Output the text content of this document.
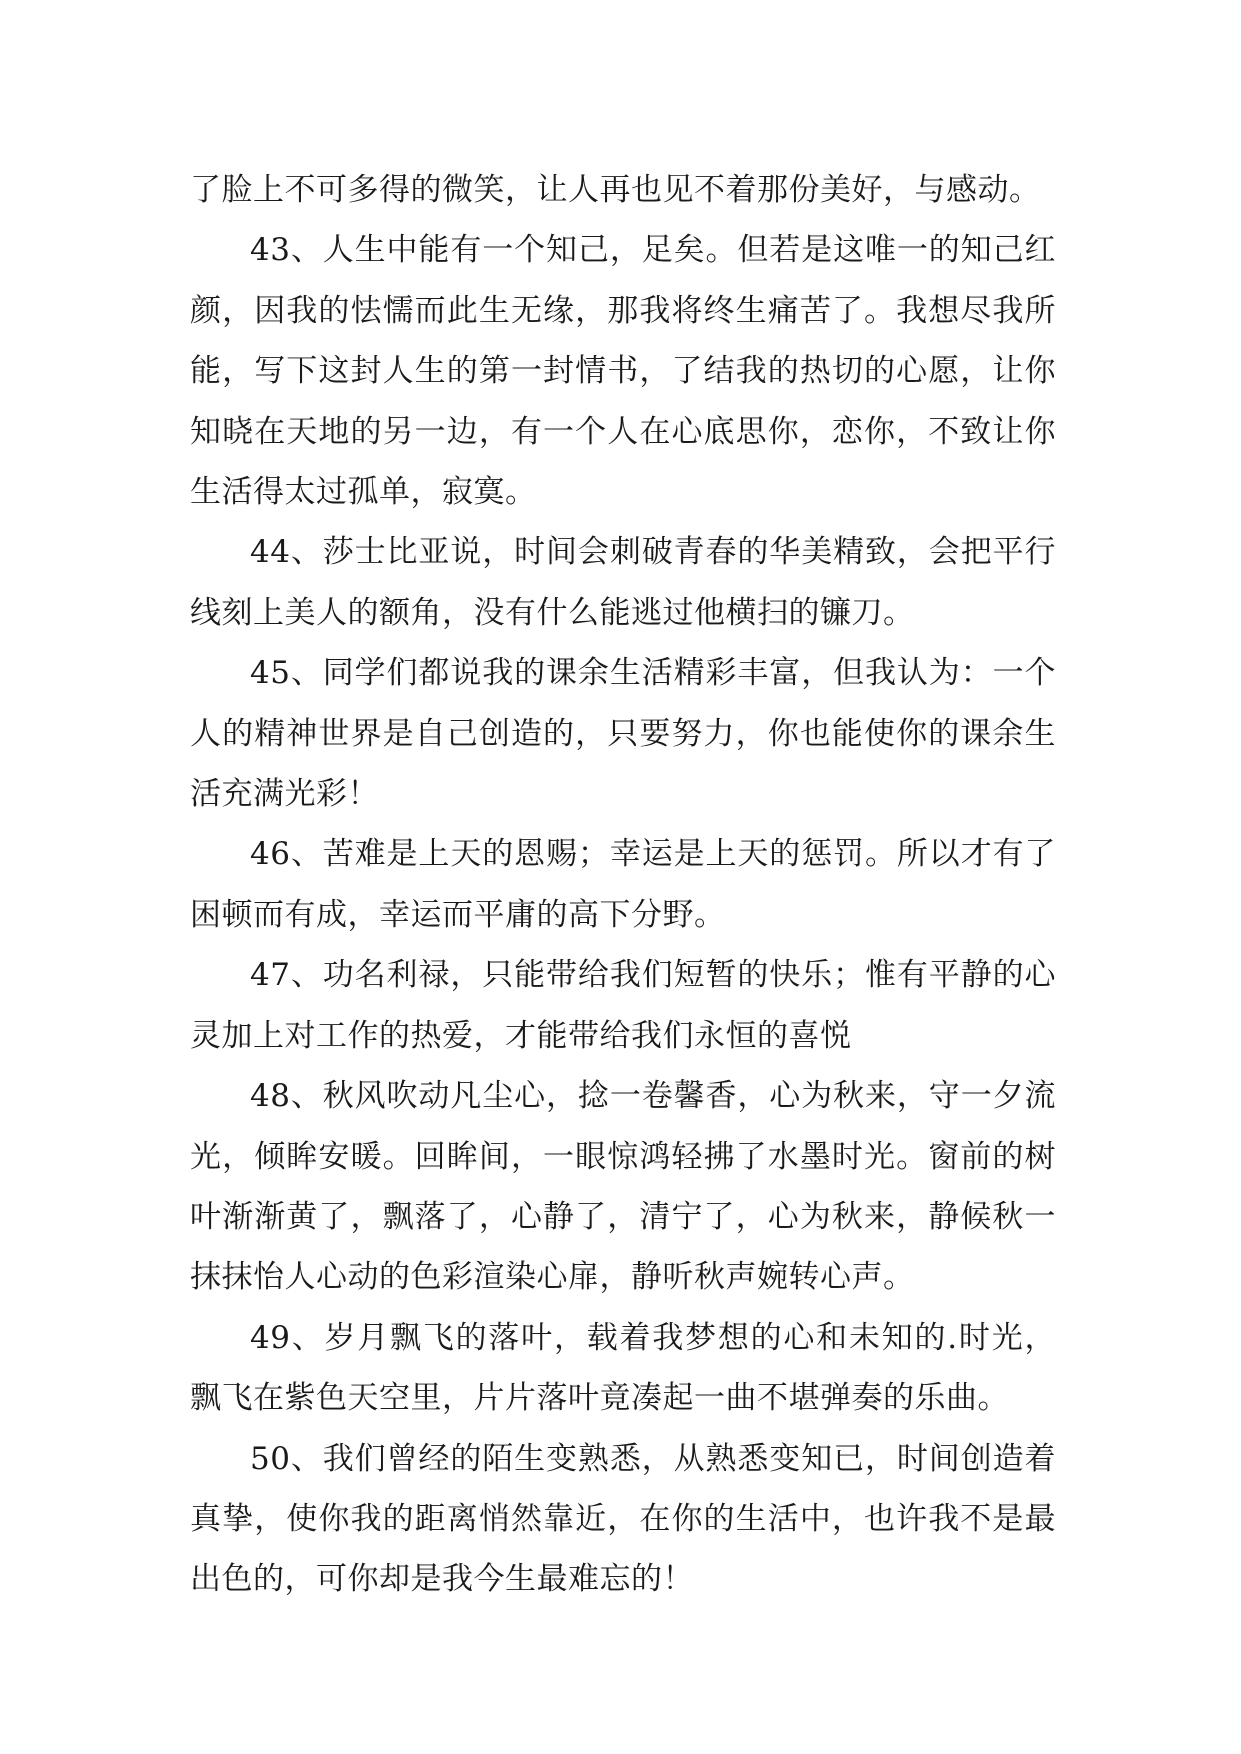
了脸上不可多得的微笑，让人再也见不着那份美好，与感动。

43、人生中能有一个知己，足矣。但若是这唯一的知己红颜，因我的怯懦而此生无缘，那我将终生痛苦了。我想尽我所能，写下这封人生的第一封情书，了结我的热切的心愿，让你知晓在天地的另一边，有一个人在心底思你，恋你，不致让你生活得太过孤单，寂寞。

44、莎士比亚说，时间会刺破青春的华美精致，会把平行线刻上美人的额角，没有什么能逃过他横扫的镰刀。

45、同学们都说我的课余生活精彩丰富，但我认为：一个人的精神世界是自己创造的，只要努力，你也能使你的课余生活充满光彩！

46、苦难是上天的恩赐；幸运是上天的惩罚。所以才有了困顿而有成，幸运而平庸的高下分野。

47、功名利禄，只能带给我们短暂的快乐；惟有平静的心灵加上对工作的热爱，才能带给我们永恒的喜悦

48、秋风吹动凡尘心，捻一卷馨香，心为秋来，守一夕流光，倾眸安暖。回眸间，一眼惊鸿轻拂了水墨时光。窗前的树叶渐渐黄了，飘落了，心静了，清宁了，心为秋来，静候秋一抹抹怡人心动的色彩渲染心扉，静听秋声婉转心声。

49、岁月飘飞的落叶，载着我梦想的心和未知的.时光，飘飞在紫色天空里，片片落叶竟凑起一曲不堪弹奏的乐曲。

50、我们曾经的陌生变熟悉，从熟悉变知已，时间创造着真挚，使你我的距离悄然靠近，在你的生活中，也许我不是最出色的，可你却是我今生最难忘的！
